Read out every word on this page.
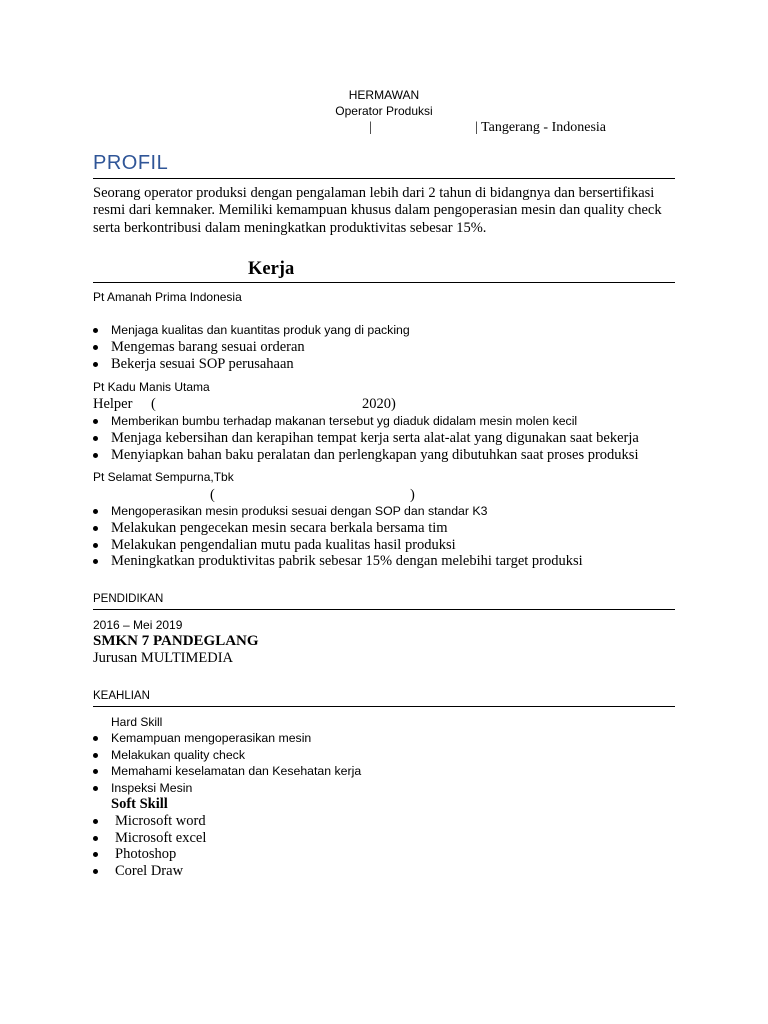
HERMAWAN
Operator Produksi
|	| Tangerang - Indonesia
PROFIL
Seorang operator produksi dengan pengalaman lebih dari 2 tahun di bidangnya dan bersertifikasi resmi dari kemnaker. Memiliki kemampuan khusus dalam pengoperasian mesin dan quality check serta berkontribusi dalam meningkatkan produktivitas sebesar 15%.
Kerja
Pt Amanah Prima Indonesia
Menjaga kualitas dan kuantitas produk yang di packing
Mengemas barang sesuai orderan
Bekerja sesuai SOP perusahaan
Pt Kadu Manis Utama
Helper (	2020)
Memberikan bumbu terhadap makanan tersebut yg diaduk didalam mesin molen kecil
Menjaga kebersihan dan kerapihan tempat kerja serta alat-alat yang digunakan saat bekerja
Menyiapkan bahan baku peralatan dan perlengkapan yang dibutuhkan saat proses produksi
Pt Selamat Sempurna,Tbk
(	)
Mengoperasikan mesin produksi sesuai dengan SOP dan standar K3
Melakukan pengecekan mesin secara berkala bersama tim
Melakukan pengendalian mutu pada kualitas hasil produksi
Meningkatkan produktivitas pabrik sebesar 15% dengan melebihi target produksi
PENDIDIKAN
2016 – Mei 2019
SMKN 7 PANDEGLANG
Jurusan MULTIMEDIA
KEAHLIAN
Hard Skill
Kemampuan mengoperasikan mesin
Melakukan quality check
Memahami keselamatan dan Kesehatan kerja
Inspeksi Mesin
Soft Skill
Microsoft word
Microsoft excel
Photoshop
Corel Draw
